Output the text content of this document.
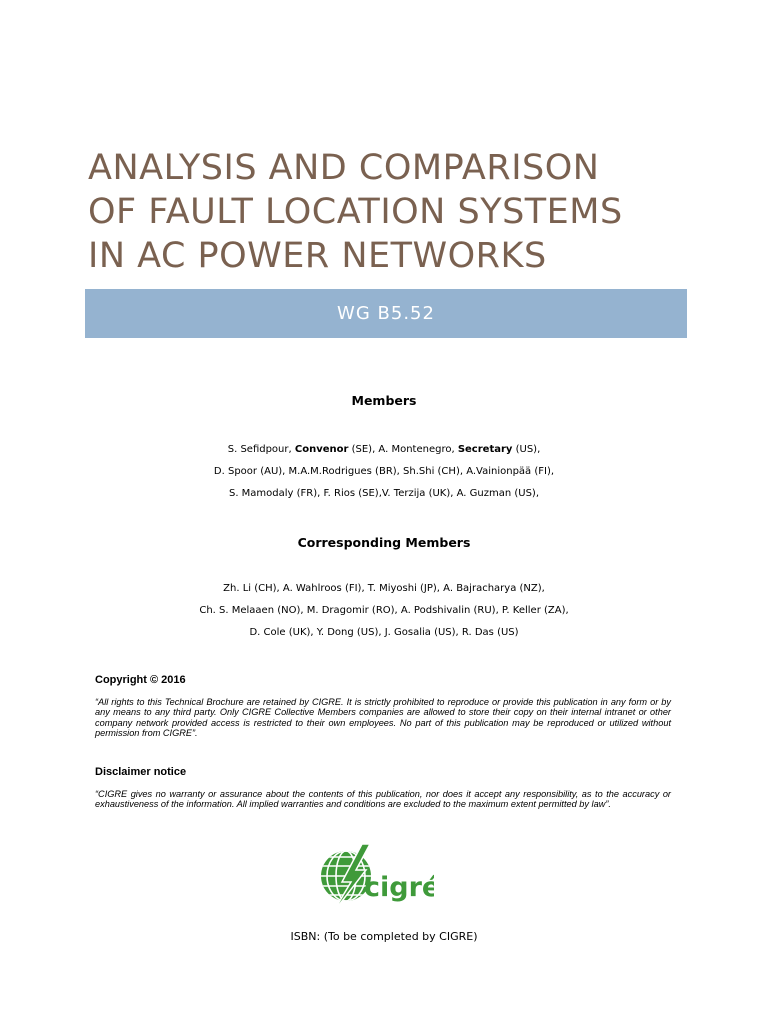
ANALYSIS AND COMPARISON
OF FAULT LOCATION SYSTEMS
IN AC POWER NETWORKS
WG B5.52
Members
S. Sefidpour, Convenor (SE), A. Montenegro, Secretary (US),
D. Spoor (AU), M.A.M.Rodrigues (BR), Sh.Shi (CH), A.Vainionpää (FI),
S. Mamodaly (FR), F. Rios (SE),V. Terzija (UK), A. Guzman (US),
Corresponding Members
Zh. Li (CH), A. Wahlroos (FI), T. Miyoshi (JP), A. Bajracharya (NZ),
Ch. S. Melaaen (NO), M. Dragomir (RO), A. Podshivalin (RU), P. Keller (ZA),
D. Cole (UK), Y. Dong (US), J. Gosalia (US), R. Das (US)
Copyright © 2016
“All rights to this Technical Brochure are retained by CIGRE. It is strictly prohibited to reproduce or provide this publication in any form or by any means to any third party. Only CIGRE Collective Members companies are allowed to store their copy on their internal intranet or other company network provided access is restricted to their own employees. No part of this publication may be reproduced or utilized without permission from CIGRE”.
Disclaimer notice
“CIGRE gives no warranty or assurance about the contents of this publication, nor does it accept any responsibility, as to the accuracy or exhaustiveness of the information. All implied warranties and conditions are excluded to the maximum extent permitted by law”.
cigré
ISBN: (To be completed by CIGRE)
